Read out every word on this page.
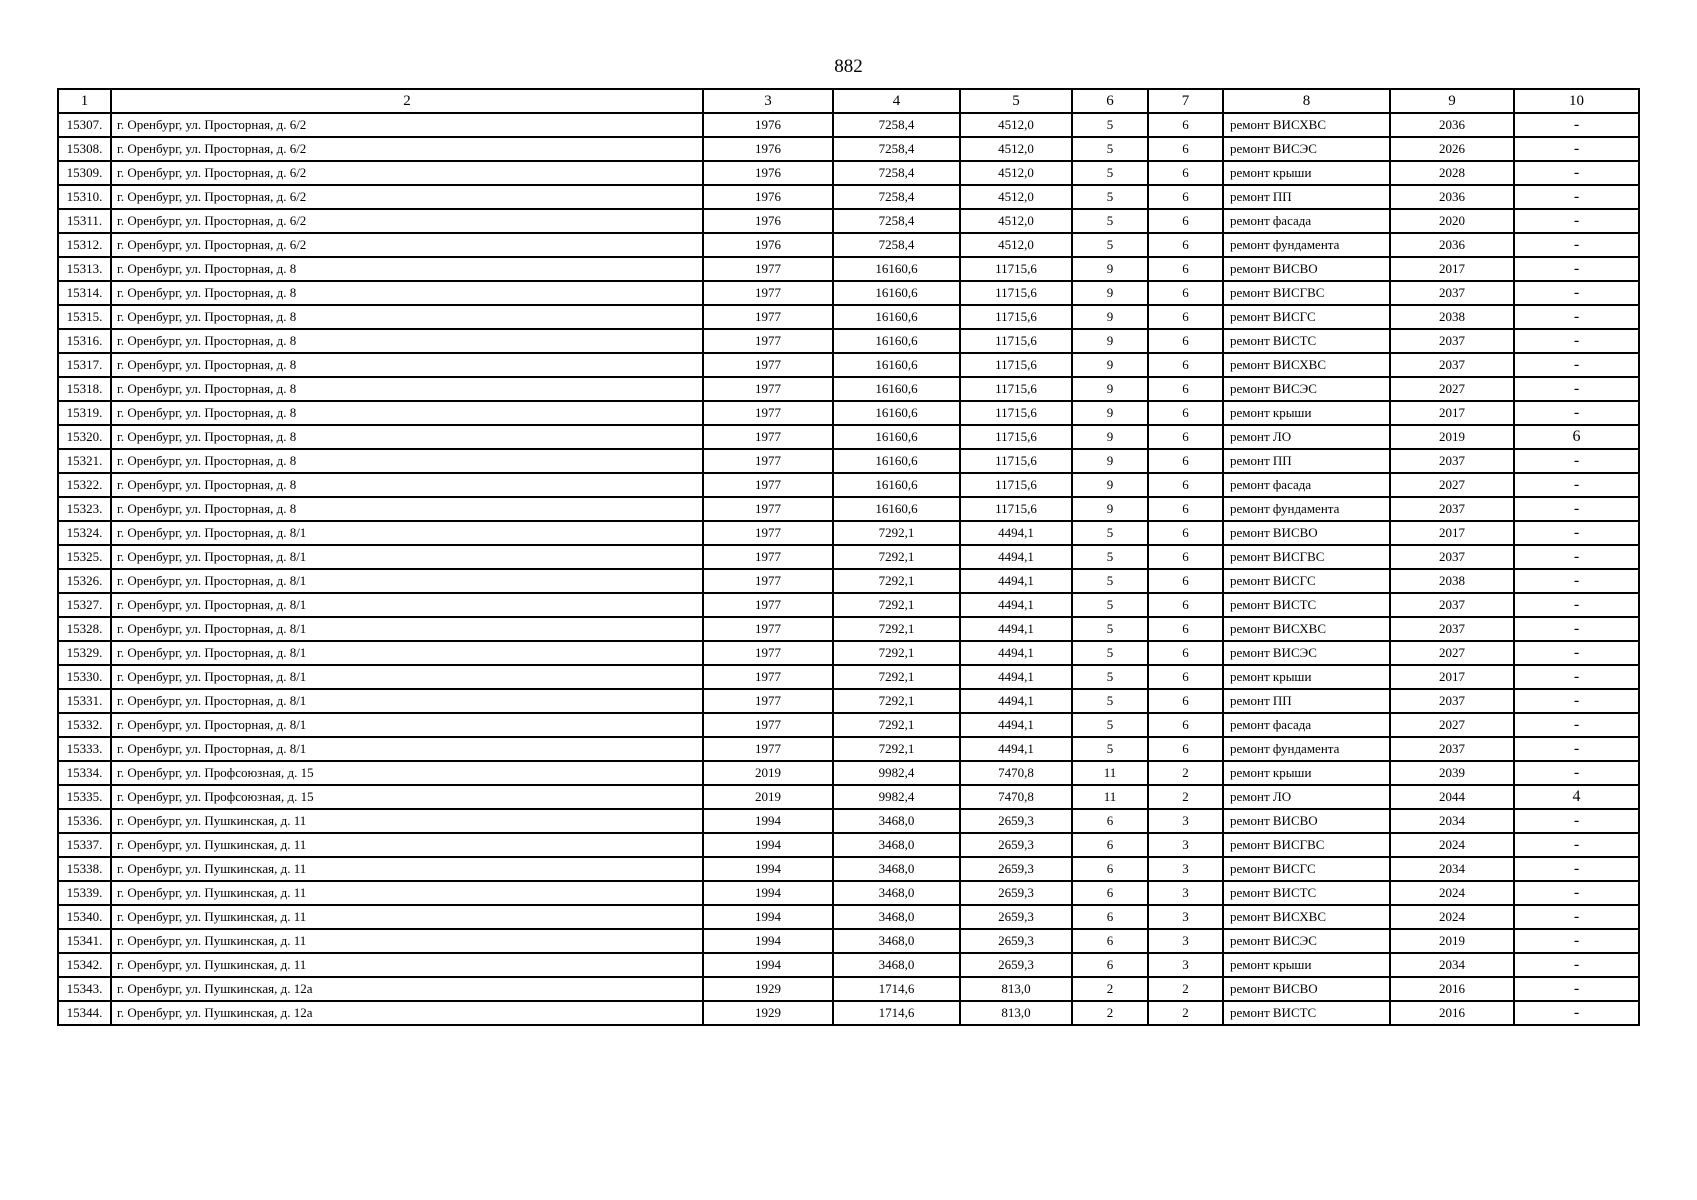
882
1	2	3	4	5	6	7	8	9	10
15307.	г. Оренбург, ул. Просторная, д. 6/2	1976	7258,4	4512,0	5	6	ремонт ВИСХВС	2036	-
15308.	г. Оренбург, ул. Просторная, д. 6/2	1976	7258,4	4512,0	5	6	ремонт ВИСЭС	2026	-
15309.	г. Оренбург, ул. Просторная, д. 6/2	1976	7258,4	4512,0	5	6	ремонт крыши	2028	-
15310.	г. Оренбург, ул. Просторная, д. 6/2	1976	7258,4	4512,0	5	6	ремонт ПП	2036	-
15311.	г. Оренбург, ул. Просторная, д. 6/2	1976	7258,4	4512,0	5	6	ремонт фасада	2020	-
15312.	г. Оренбург, ул. Просторная, д. 6/2	1976	7258,4	4512,0	5	6	ремонт фундамента	2036	-
15313.	г. Оренбург, ул. Просторная, д. 8	1977	16160,6	11715,6	9	6	ремонт ВИСВО	2017	-
15314.	г. Оренбург, ул. Просторная, д. 8	1977	16160,6	11715,6	9	6	ремонт ВИСГВС	2037	-
15315.	г. Оренбург, ул. Просторная, д. 8	1977	16160,6	11715,6	9	6	ремонт ВИСГС	2038	-
15316.	г. Оренбург, ул. Просторная, д. 8	1977	16160,6	11715,6	9	6	ремонт ВИСТС	2037	-
15317.	г. Оренбург, ул. Просторная, д. 8	1977	16160,6	11715,6	9	6	ремонт ВИСХВС	2037	-
15318.	г. Оренбург, ул. Просторная, д. 8	1977	16160,6	11715,6	9	6	ремонт ВИСЭС	2027	-
15319.	г. Оренбург, ул. Просторная, д. 8	1977	16160,6	11715,6	9	6	ремонт крыши	2017	-
15320.	г. Оренбург, ул. Просторная, д. 8	1977	16160,6	11715,6	9	6	ремонт ЛО	2019	6
15321.	г. Оренбург, ул. Просторная, д. 8	1977	16160,6	11715,6	9	6	ремонт ПП	2037	-
15322.	г. Оренбург, ул. Просторная, д. 8	1977	16160,6	11715,6	9	6	ремонт фасада	2027	-
15323.	г. Оренбург, ул. Просторная, д. 8	1977	16160,6	11715,6	9	6	ремонт фундамента	2037	-
15324.	г. Оренбург, ул. Просторная, д. 8/1	1977	7292,1	4494,1	5	6	ремонт ВИСВО	2017	-
15325.	г. Оренбург, ул. Просторная, д. 8/1	1977	7292,1	4494,1	5	6	ремонт ВИСГВС	2037	-
15326.	г. Оренбург, ул. Просторная, д. 8/1	1977	7292,1	4494,1	5	6	ремонт ВИСГС	2038	-
15327.	г. Оренбург, ул. Просторная, д. 8/1	1977	7292,1	4494,1	5	6	ремонт ВИСТС	2037	-
15328.	г. Оренбург, ул. Просторная, д. 8/1	1977	7292,1	4494,1	5	6	ремонт ВИСХВС	2037	-
15329.	г. Оренбург, ул. Просторная, д. 8/1	1977	7292,1	4494,1	5	6	ремонт ВИСЭС	2027	-
15330.	г. Оренбург, ул. Просторная, д. 8/1	1977	7292,1	4494,1	5	6	ремонт крыши	2017	-
15331.	г. Оренбург, ул. Просторная, д. 8/1	1977	7292,1	4494,1	5	6	ремонт ПП	2037	-
15332.	г. Оренбург, ул. Просторная, д. 8/1	1977	7292,1	4494,1	5	6	ремонт фасада	2027	-
15333.	г. Оренбург, ул. Просторная, д. 8/1	1977	7292,1	4494,1	5	6	ремонт фундамента	2037	-
15334.	г. Оренбург, ул. Профсоюзная, д. 15	2019	9982,4	7470,8	11	2	ремонт крыши	2039	-
15335.	г. Оренбург, ул. Профсоюзная, д. 15	2019	9982,4	7470,8	11	2	ремонт ЛО	2044	4
15336.	г. Оренбург, ул. Пушкинская, д. 11	1994	3468,0	2659,3	6	3	ремонт ВИСВО	2034	-
15337.	г. Оренбург, ул. Пушкинская, д. 11	1994	3468,0	2659,3	6	3	ремонт ВИСГВС	2024	-
15338.	г. Оренбург, ул. Пушкинская, д. 11	1994	3468,0	2659,3	6	3	ремонт ВИСГС	2034	-
15339.	г. Оренбург, ул. Пушкинская, д. 11	1994	3468,0	2659,3	6	3	ремонт ВИСТС	2024	-
15340.	г. Оренбург, ул. Пушкинская, д. 11	1994	3468,0	2659,3	6	3	ремонт ВИСХВС	2024	-
15341.	г. Оренбург, ул. Пушкинская, д. 11	1994	3468,0	2659,3	6	3	ремонт ВИСЭС	2019	-
15342.	г. Оренбург, ул. Пушкинская, д. 11	1994	3468,0	2659,3	6	3	ремонт крыши	2034	-
15343.	г. Оренбург, ул. Пушкинская, д. 12а	1929	1714,6	813,0	2	2	ремонт ВИСВО	2016	-
15344.	г. Оренбург, ул. Пушкинская, д. 12а	1929	1714,6	813,0	2	2	ремонт ВИСТС	2016	-
